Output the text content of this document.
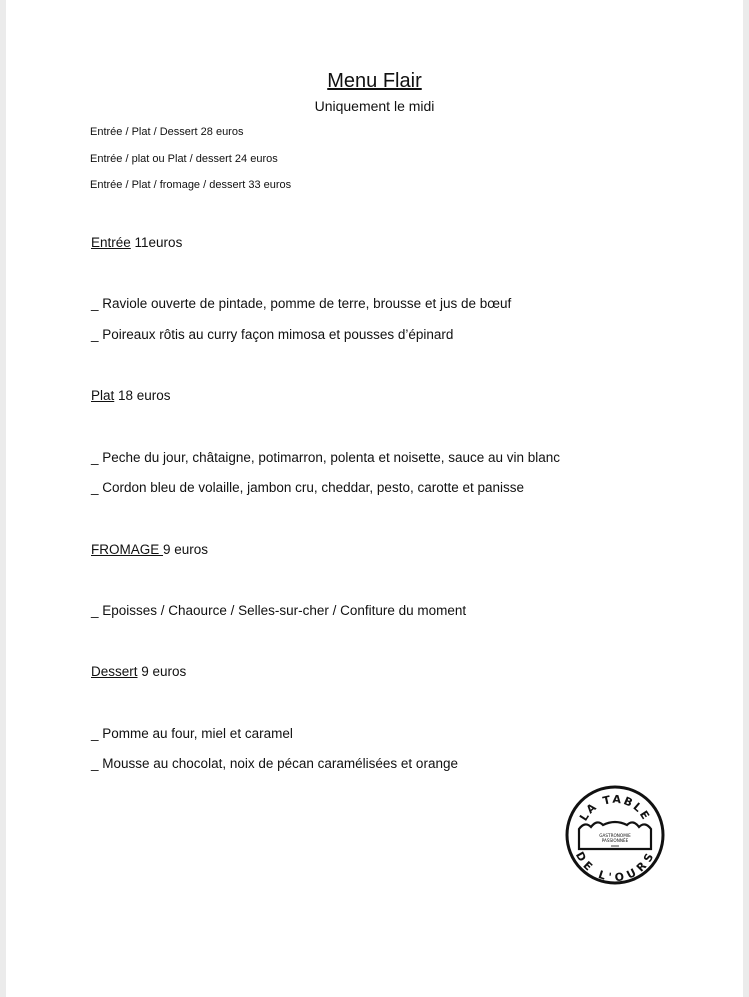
Menu Flair
Uniquement le midi
Entrée / Plat / Dessert 28 euros
Entrée / plat ou Plat / dessert 24 euros
Entrée / Plat / fromage / dessert 33 euros
Entrée 11euros
_ Raviole ouverte de pintade, pomme de terre, brousse et jus de bœuf
_ Poireaux rôtis au curry façon mimosa et pousses d’épinard
Plat 18 euros
_ Peche du jour, châtaigne, potimarron, polenta et noisette, sauce au vin blanc
_ Cordon bleu de volaille, jambon cru, cheddar, pesto, carotte et panisse
FROMAGE 9 euros
_ Epoisses / Chaource / Selles-sur-cher / Confiture du moment
Dessert 9 euros
_ Pomme au four, miel et caramel
_ Mousse au chocolat, noix de pécan caramélisées et orange
LA TABLE
DE L'OURS
GASTRONOMIE
PASSIONNÉE
